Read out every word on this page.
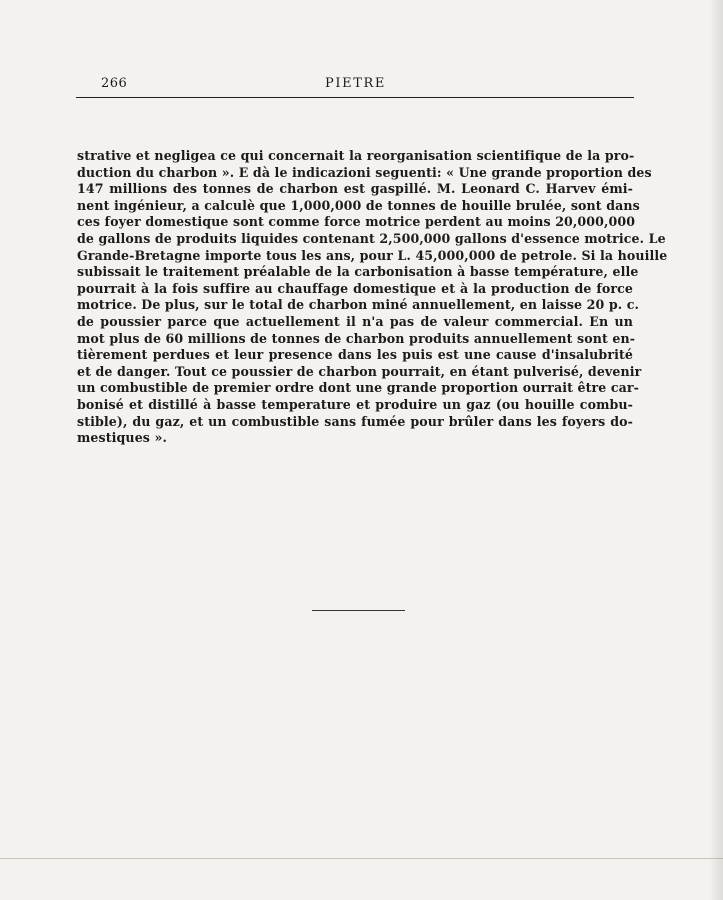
266	PIETRE
strative et negligea ce qui concernait la reorganisation scientifique de la pro-
duction du charbon ». E dà le indicazioni seguenti: « Une grande proportion des
147 millions des tonnes de charbon est gaspillé. M. Leonard C. Harvev émi-
nent ingénieur, a calculè que 1,000,000 de tonnes de houille brulée, sont dans
ces foyer domestique sont comme force motrice perdent au moins 20,000,000
de gallons de produits liquides contenant 2,500,000 gallons d'essence motrice. Le
Grande-Bretagne importe tous les ans, pour L. 45,000,000 de petrole. Si la houille
subissait le traitement préalable de la carbonisation à basse température, elle
pourrait à la fois suffire au chauffage domestique et à la production de force
motrice. De plus, sur le total de charbon miné annuellement, en laisse 20 p. c.
de poussier parce que actuellement il n'a pas de valeur commercial. En un
mot plus de 60 millions de tonnes de charbon produits annuellement sont en-
tièrement perdues et leur presence dans les puis est une cause d'insalubrité
et de danger. Tout ce poussier de charbon pourrait, en étant pulverisé, devenir
un combustible de premier ordre dont une grande proportion ourrait être car-
bonisé et distillé à basse temperature et produire un gaz (ou houille combu-
stible), du gaz, et un combustible sans fumée pour brûler dans les foyers do-
mestiques ».
